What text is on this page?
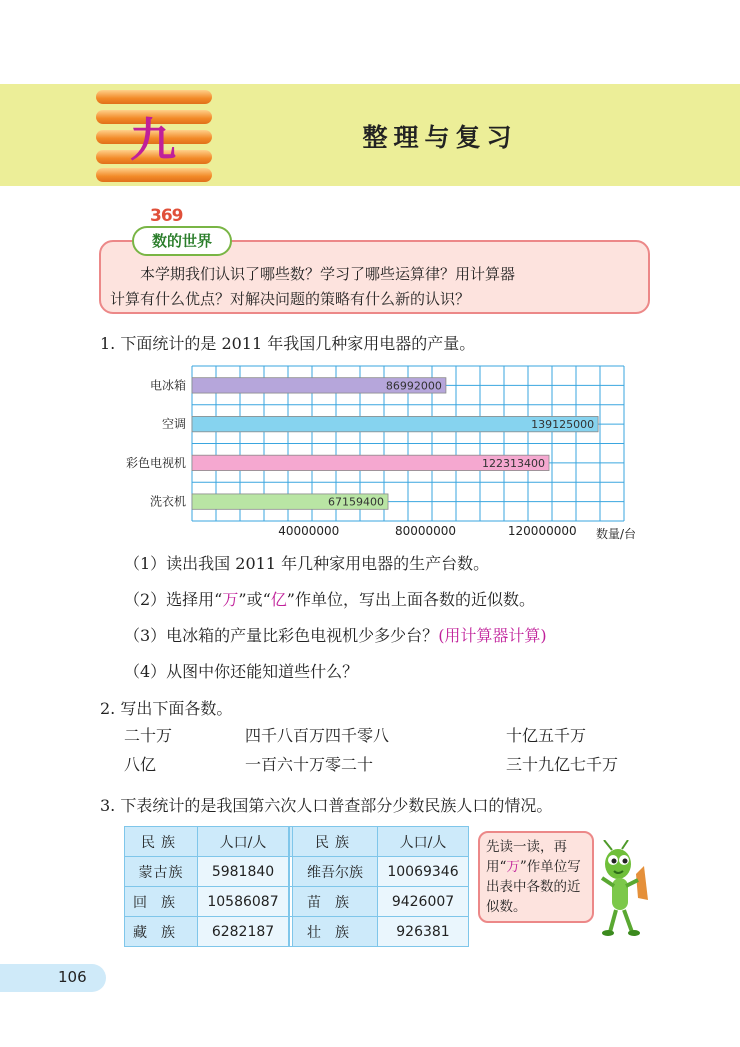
九	整理与复习
369
数的世界
本学期我们认识了哪些数？学习了哪些运算律？用计算器
计算有什么优点？对解决问题的策略有什么新的认识？
1. 下面统计的是 2011 年我国几种家用电器的产量。
86992000
139125000
122313400
67159400
电冰箱
空调
彩色电视机
洗衣机
40000000	80000000	120000000 数量/台
（1）读出我国 2011 年几种家用电器的生产台数。
（2）选择用“万”或“亿”作单位，写出上面各数的近似数。
（3）电冰箱的产量比彩色电视机少多少台？(用计算器计算)
（4）从图中你还能知道些什么？
2. 写出下面各数。
二十万	四千八百万四千零八	十亿五千万
八亿	一百六十万零二十	三十九亿七千万
3. 下表统计的是我国第六次人口普查部分少数民族人口的情况。
民族	人口/人		民族	人口/人
蒙古族	5981840		维吾尔族	10069346
回族	10586087		苗族	9426007
藏族	6282187		壮族	926381
先读一读，再用“万”作单位写出表中各数的近似数。
106
